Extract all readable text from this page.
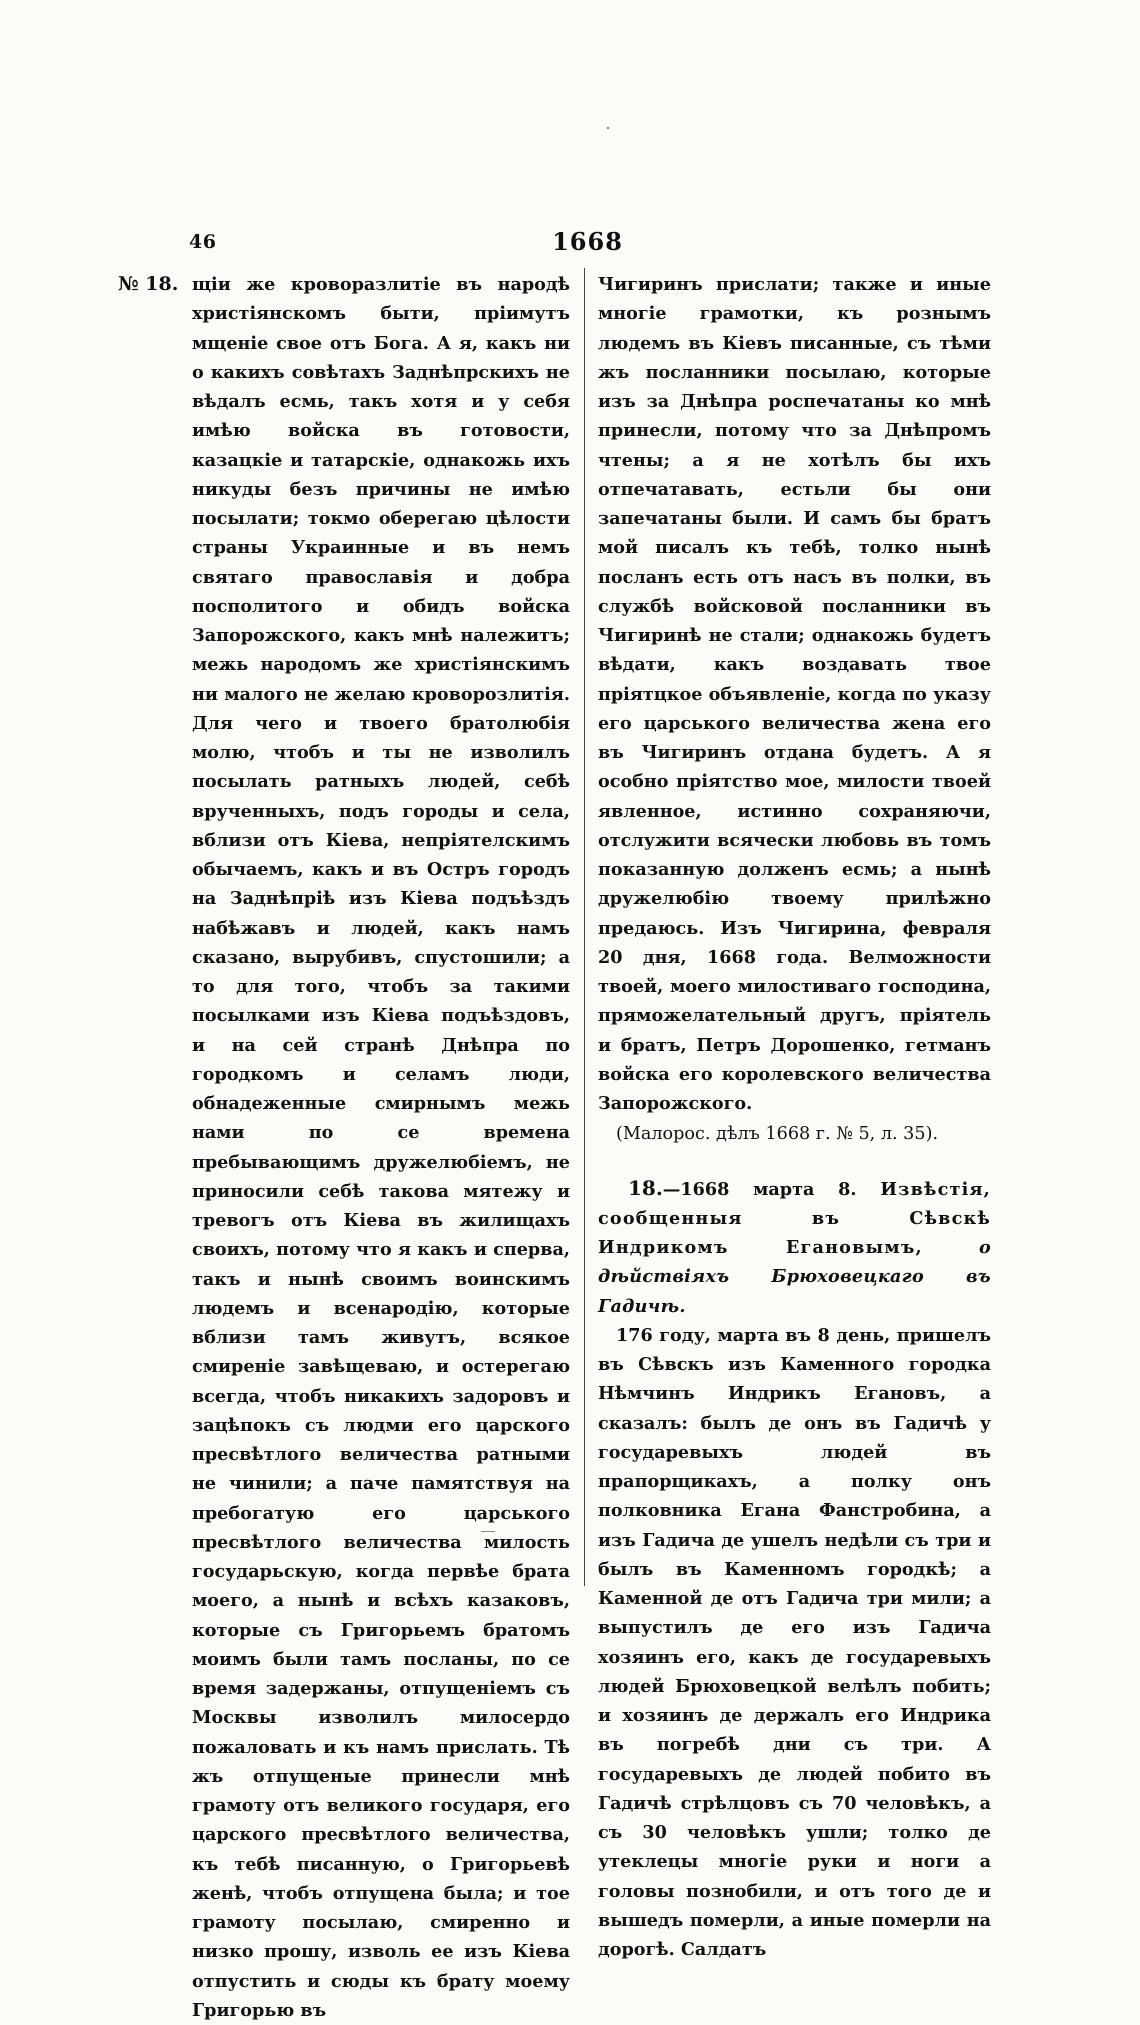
46	1668
№ 18. щіи же кроворазлитіе въ народѣ христіянскомъ быти, пріимутъ мщеніе свое отъ Бога. А я, какъ ни о какихъ совѣтахъ Заднѣпрскихъ не вѣдалъ есмь, такъ хотя и у себя имѣю войска въ готовости, казацкіе и татарскіе, однакожь ихъ никуды безъ причины не имѣю посылати; токмо оберегаю цѣлости страны Украинные и въ немъ святаго православія и добра посполитого и обидъ войска Запорожского, какъ мнѣ належитъ; межь народомъ же христіянскимъ ни малого не желаю кроворозлитія. Для чего и твоего братолюбія молю, чтобъ и ты не изволилъ посылать ратныхъ людей, себѣ врученныхъ, подъ городы и села, вблизи отъ Кіева, непріятелскимъ обычаемъ, какъ и въ Остръ городъ на Заднѣпріѣ изъ Кіева подъѣздъ набѣжавъ и людей, какъ намъ сказано, вырубивъ, спустошили; а то для того, чтобъ за такими посылками изъ Кіева подъѣздовъ, и на сей странѣ Днѣпра по городкомъ и селамъ люди, обнадеженные смирнымъ межь нами по се времена пребывающимъ дружелюбіемъ, не приносили себѣ такова мятежу и тревогъ отъ Кіева въ жилищахъ своихъ, потому что я какъ и сперва, такъ и нынѣ своимъ воинскимъ людемъ и всенародію, которые вблизи тамъ живутъ, всякое смиреніе завѣщеваю, и остерегаю всегда, чтобъ никакихъ задоровъ и зацѣпокъ съ людми его царского пресвѣтлого величества ратными не чинили; а паче памятствуя на пребогатую его царського пресвѣтлого величества милость государьскую, когда первѣе брата моего, а нынѣ и всѣхъ казаковъ, которые съ Григорьемъ братомъ моимъ были тамъ посланы, по се время задержаны, отпущеніемъ съ Москвы изволилъ милосердо пожаловать и къ намъ прислать. Тѣ жъ отпущеные принесли мнѣ грамоту отъ великого государя, его царского пресвѣтлого величества, къ тебѣ писанную, о Григорьевѣ женѣ, чтобъ отпущена была; и тое грамоту посылаю, смиренно и низко прошу, изволь ее изъ Кіева отпустить и сюды къ брату моему Григорью въ

Чигиринъ прислати; также и иные многіе грамотки, къ рознымъ людемъ въ Кіевъ писанные, съ тѣми жъ посланники посылаю, которые изъ за Днѣпра роспечатаны ко мнѣ принесли, потому что за Днѣпромъ чтены; а я не хотѣлъ бы ихъ отпечатавать, естьли бы они запечатаны были. И самъ бы братъ мой писалъ къ тебѣ, толко нынѣ посланъ есть отъ насъ въ полки, въ службѣ войсковой посланники въ Чигиринѣ не стали; однакожь будетъ вѣдати, какъ воздавать твое пріятцкое объявленіе, когда по указу его царського величества жена его въ Чигиринъ отдана будетъ. А я особно пріятство мое, милости твоей явленное, истинно сохраняючи, отслужити всячески любовь въ томъ показанную долженъ есмь; а нынѣ дружелюбію твоему прилѣжно предаюсь. Изъ Чигирина, февраля 20 дня, 1668 года. Велможности твоей, моего милостиваго господина, пряможелательный другъ, пріятель и братъ, Петръ Дорошенко, гетманъ войска его королевского величества Запорожского.

(Малорос. дѣлъ 1668 г. № 5, л. 35).

18.—1668 марта 8. Извѣстія, сообщенныя въ Сѣвскѣ Индрикомъ Егановымъ,	о дѣйствіяхъ Брюховецкаго въ Гадичѣ.

176 году, марта въ 8 день, пришелъ въ Сѣвскъ изъ Каменного городка Нѣмчинъ Индрикъ Егановъ, а сказалъ: былъ де онъ въ Гадичѣ у государевыхъ людей въ прапорщикахъ, а полку онъ полковника Егана Фанстробина, а изъ Гадича де ушелъ недѣли съ три и былъ въ Каменномъ городкѣ; а Каменной де отъ Гадича три мили; а выпустилъ де его изъ Гадича хозяинъ его, какъ де государевыхъ людей Брюховецкой велѣлъ побить; и хозяинъ де держалъ его Индрика въ погребѣ дни съ три. А государевыхъ де людей побито въ Гадичѣ стрѣлцовъ съ 70 человѣкъ, а съ 30 человѣкъ ушли; толко де утеклецы многіе руки и ноги а головы познобили, и отъ того де и вышедъ померли, а иные померли на дорогѣ. Салдатъ
